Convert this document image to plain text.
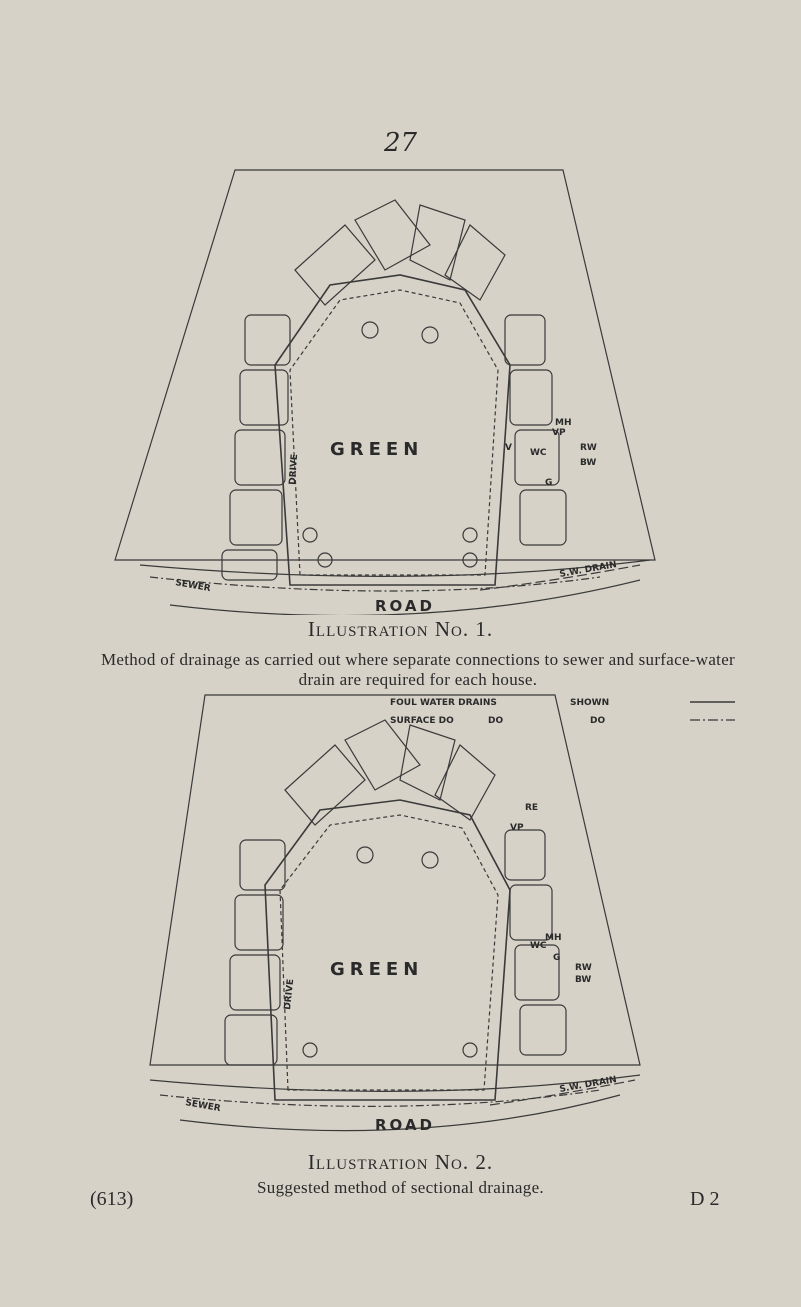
27
GREEN
ROAD
DRIVE
SEWER
S.W. DRAIN
MH
VP
RW
BW
WC
G
V
Illustration No. 1.
Method of drainage as carried out where separate connections to sewer and surface-water drain are required for each house.
FOUL WATER DRAINS
SURFACE DO
SHOWN
DO	DO
GREEN
ROAD
DRIVE
SEWER
S.W. DRAIN
RE
VP
MH
WC
RW
BW
G
Illustration No. 2.
Suggested method of sectional drainage.
(613)	D 2
